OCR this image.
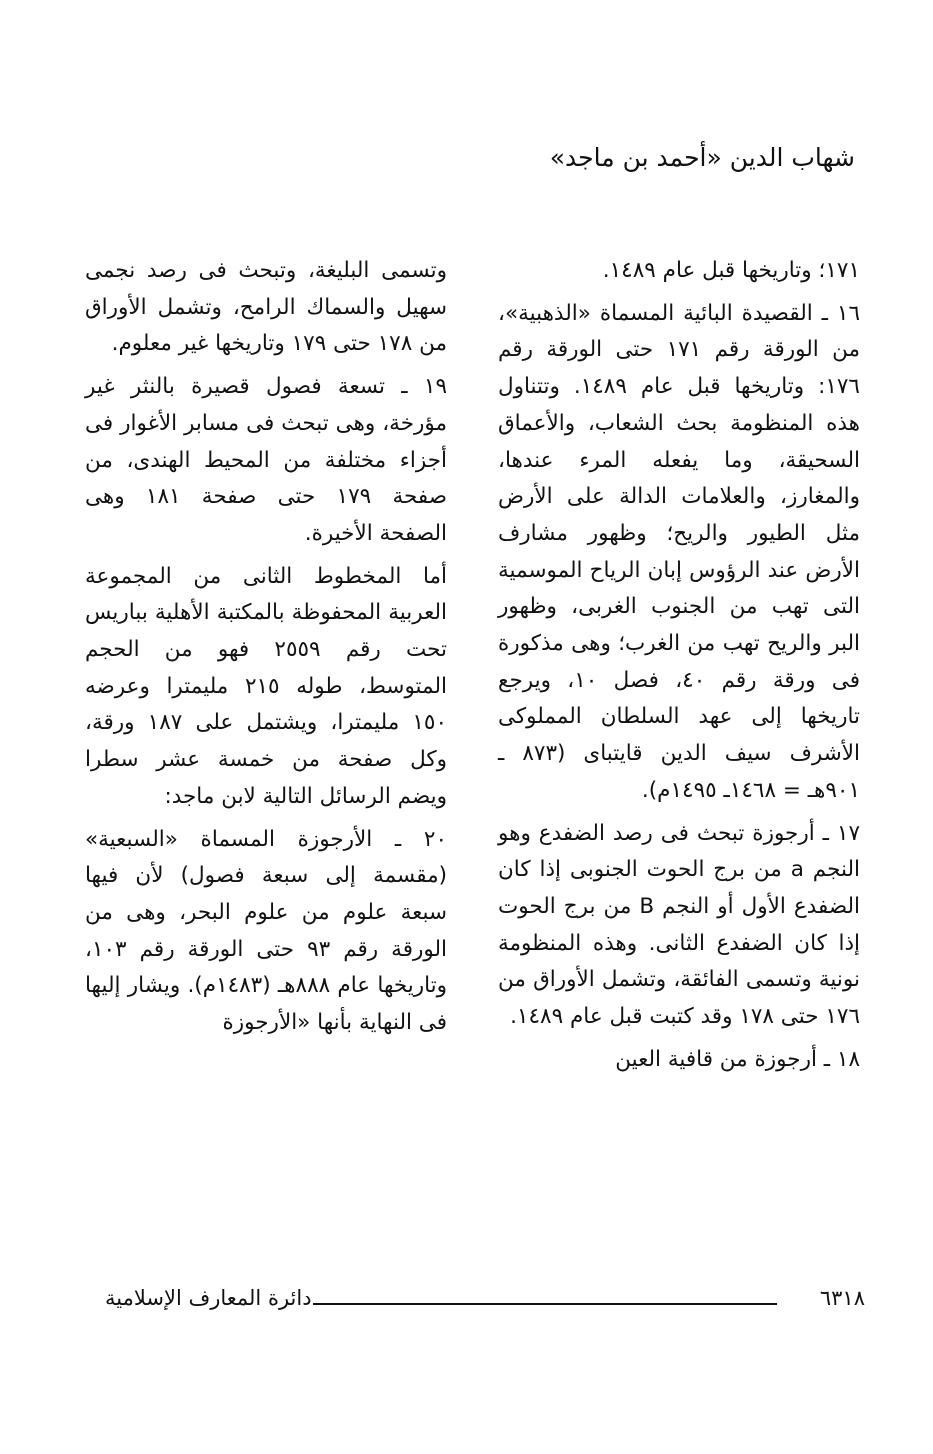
شهاب الدين «أحمد بن ماجد»

١٧١؛ وتاريخها قبل عام ١٤٨٩.

١٦ ـ القصيدة البائية المسماة «الذهبية»، من الورقة رقم ١٧١ حتى الورقة رقم ١٧٦: وتاريخها قبل عام ١٤٨٩. وتتناول هذه المنظومة بحث الشعاب، والأعماق السحيقة، وما يفعله المرء عندها، والمغارز، والعلامات الدالة على الأرض مثل الطيور والريح؛ وظهور مشارف الأرض عند الرؤوس إبان الرياح الموسمية التى تهب من الجنوب الغربى، وظهور البر والريح تهب من الغرب؛ وهى مذكورة فى ورقة رقم ٤٠، فصل ١٠، ويرجع تاريخها إلى عهد السلطان المملوكى الأشرف سيف الدين قايتباى (٨٧٣ ـ ٩٠١هـ = ١٤٦٨ـ ١٤٩٥م).

١٧ ـ أرجوزة تبحث فى رصد الضفدع وهو النجم a من برج الحوت الجنوبى إذا كان الضفدع الأول أو النجم B من برج الحوت إذا كان الضفدع الثانى. وهذه المنظومة نونية وتسمى الفائقة، وتشمل الأوراق من ١٧٦ حتى ١٧٨ وقد كتبت قبل عام ١٤٨٩.

١٨ ـ أرجوزة من قافية العين

وتسمى البليغة، وتبحث فى رصد نجمى سهيل والسماك الرامح، وتشمل الأوراق من ١٧٨ حتى ١٧٩ وتاريخها غير معلوم.

١٩ ـ تسعة فصول قصيرة بالنثر غير مؤرخة، وهى تبحث فى مسابر الأغوار فى أجزاء مختلفة من المحيط الهندى، من صفحة ١٧٩ حتى صفحة ١٨١ وهى الصفحة الأخيرة.

أما المخطوط الثانى من المجموعة العربية المحفوظة بالمكتبة الأهلية بباريس تحت رقم ٢٥٥٩ فهو من الحجم المتوسط، طوله ٢١٥ مليمترا وعرضه ١٥٠ مليمترا، ويشتمل على ١٨٧ ورقة، وكل صفحة من خمسة عشر سطرا ويضم الرسائل التالية لابن ماجد:

٢٠ ـ الأرجوزة المسماة «السبعية» (مقسمة إلى سبعة فصول) لأن فيها سبعة علوم من علوم البحر، وهى من الورقة رقم ٩٣ حتى الورقة رقم ١٠٣، وتاريخها عام ٨٨٨هـ (١٤٨٣م). ويشار إليها فى النهاية بأنها «الأرجوزة

٦٣١٨
دائرة المعارف الإسلامية
